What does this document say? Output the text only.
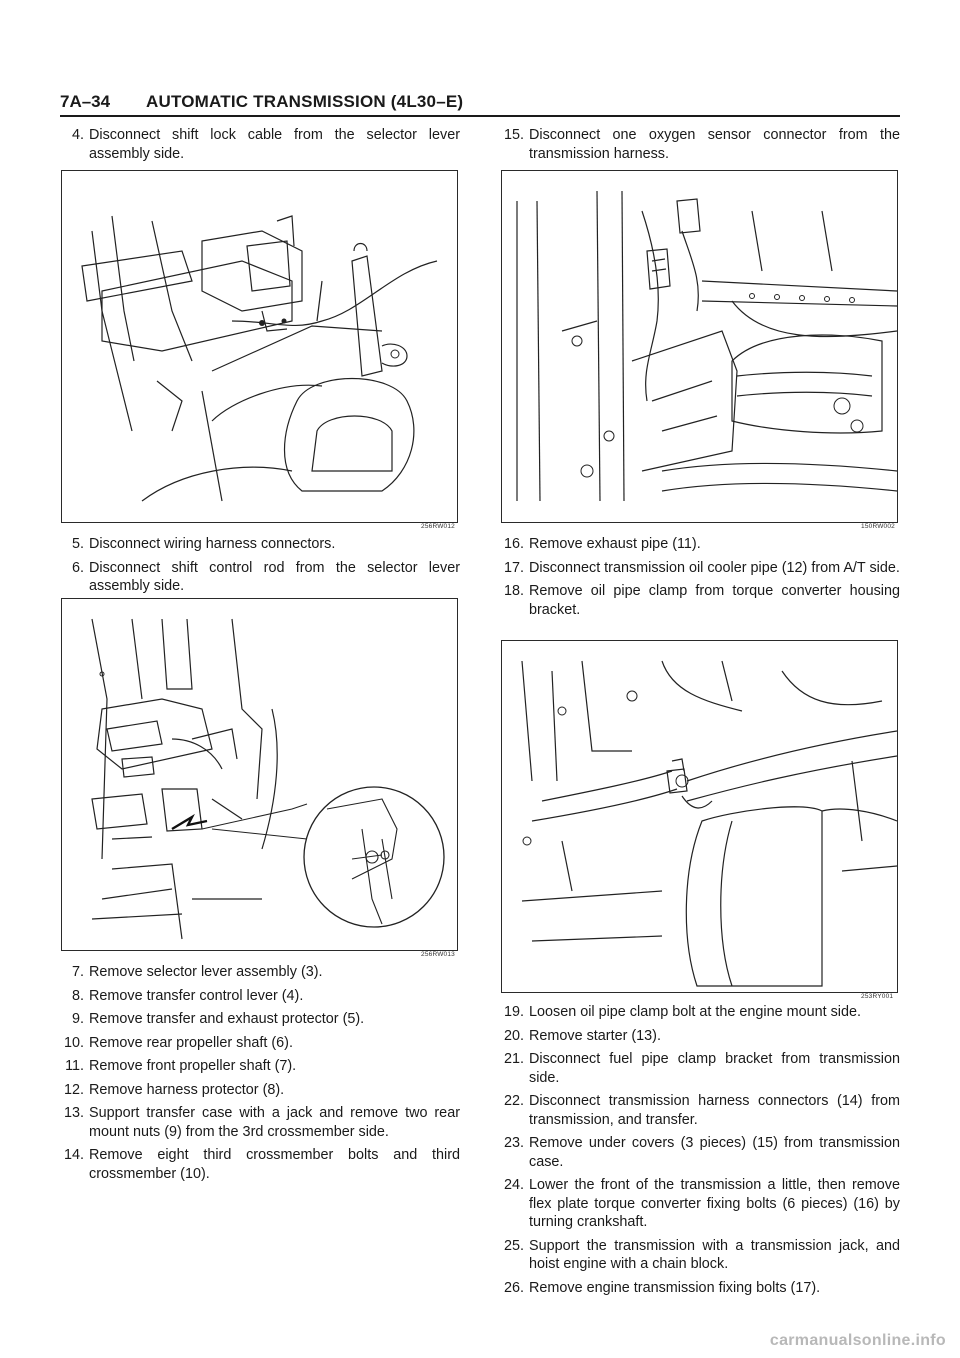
7A–34 AUTOMATIC TRANSMISSION (4L30–E)
4. Disconnect shift lock cable from the selector lever assembly side.
256RW012
5. Disconnect wiring harness connectors.
6. Disconnect shift control rod from the selector lever assembly side.
256RW013
7. Remove selector lever assembly (3).
8. Remove transfer control lever (4).
9. Remove transfer and exhaust protector (5).
10. Remove rear propeller shaft (6).
11. Remove front propeller shaft (7).
12. Remove harness protector (8).
13. Support transfer case with a jack and remove two rear mount nuts (9) from the 3rd crossmember side.
14. Remove eight third crossmember bolts and third crossmember (10).
15. Disconnect one oxygen sensor connector from the transmission harness.
150RW002
16. Remove exhaust pipe (11).
17. Disconnect transmission oil cooler pipe (12) from A/T side.
18. Remove oil pipe clamp from torque converter housing bracket.
253RY001
19. Loosen oil pipe clamp bolt at the engine mount side.
20. Remove starter (13).
21. Disconnect fuel pipe clamp bracket from transmission side.
22. Disconnect transmission harness connectors (14) from transmission, and transfer.
23. Remove under covers (3 pieces) (15) from transmission case.
24. Lower the front of the transmission a little, then remove flex plate torque converter fixing bolts (6 pieces) (16) by turning crankshaft.
25. Support the transmission with a transmission jack, and hoist engine with a chain block.
26. Remove engine transmission fixing bolts (17).
carmanualsonline.info
